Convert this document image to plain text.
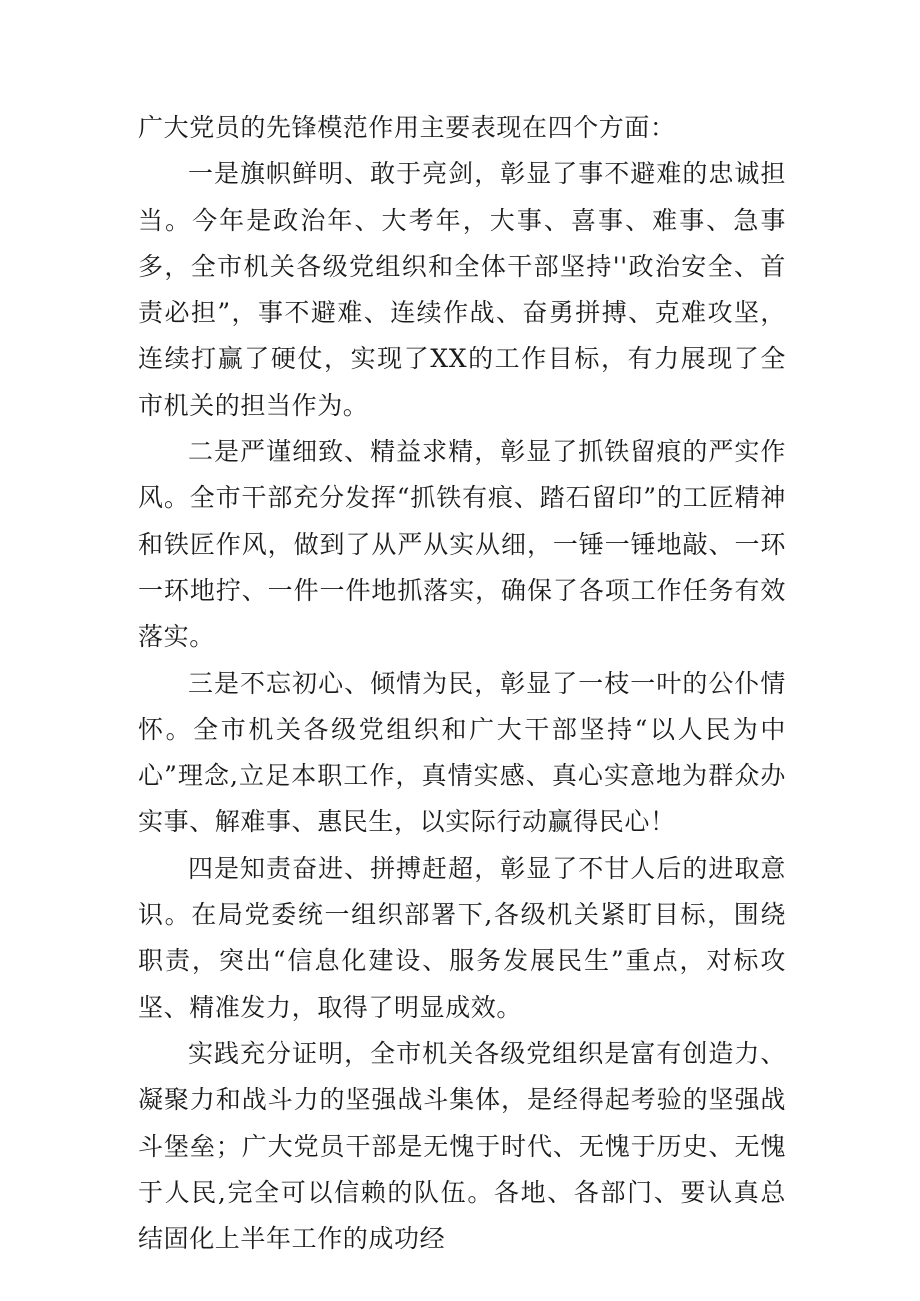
广大党员的先锋模范作用主要表现在四个方面：

一是旗帜鲜明、敢于亮剑，彰显了事不避难的忠诚担当。今年是政治年、大考年，大事、喜事、难事、急事多，全市机关各级党组织和全体干部坚持''政治安全、首责必担”，事不避难、连续作战、奋勇拼搏、克难攻坚，连续打赢了硬仗，实现了XX的工作目标，有力展现了全市机关的担当作为。

二是严谨细致、精益求精，彰显了抓铁留痕的严实作风。全市干部充分发挥“抓铁有痕、踏石留印”的工匠精神和铁匠作风，做到了从严从实从细，一锤一锤地敲、一环一环地拧、一件一件地抓落实，确保了各项工作任务有效落实。

三是不忘初心、倾情为民，彰显了一枝一叶的公仆情怀。全市机关各级党组织和广大干部坚持“以人民为中心”理念,立足本职工作，真情实感、真心实意地为群众办实事、解难事、惠民生，以实际行动赢得民心！

四是知责奋进、拼搏赶超，彰显了不甘人后的进取意识。在局党委统一组织部署下,各级机关紧盯目标，围绕职责，突出“信息化建设、服务发展民生”重点，对标攻坚、精准发力，取得了明显成效。

实践充分证明，全市机关各级党组织是富有创造力、凝聚力和战斗力的坚强战斗集体，是经得起考验的坚强战斗堡垒；广大党员干部是无愧于时代、无愧于历史、无愧于人民,完全可以信赖的队伍。各地、各部门、要认真总结固化上半年工作的成功经
